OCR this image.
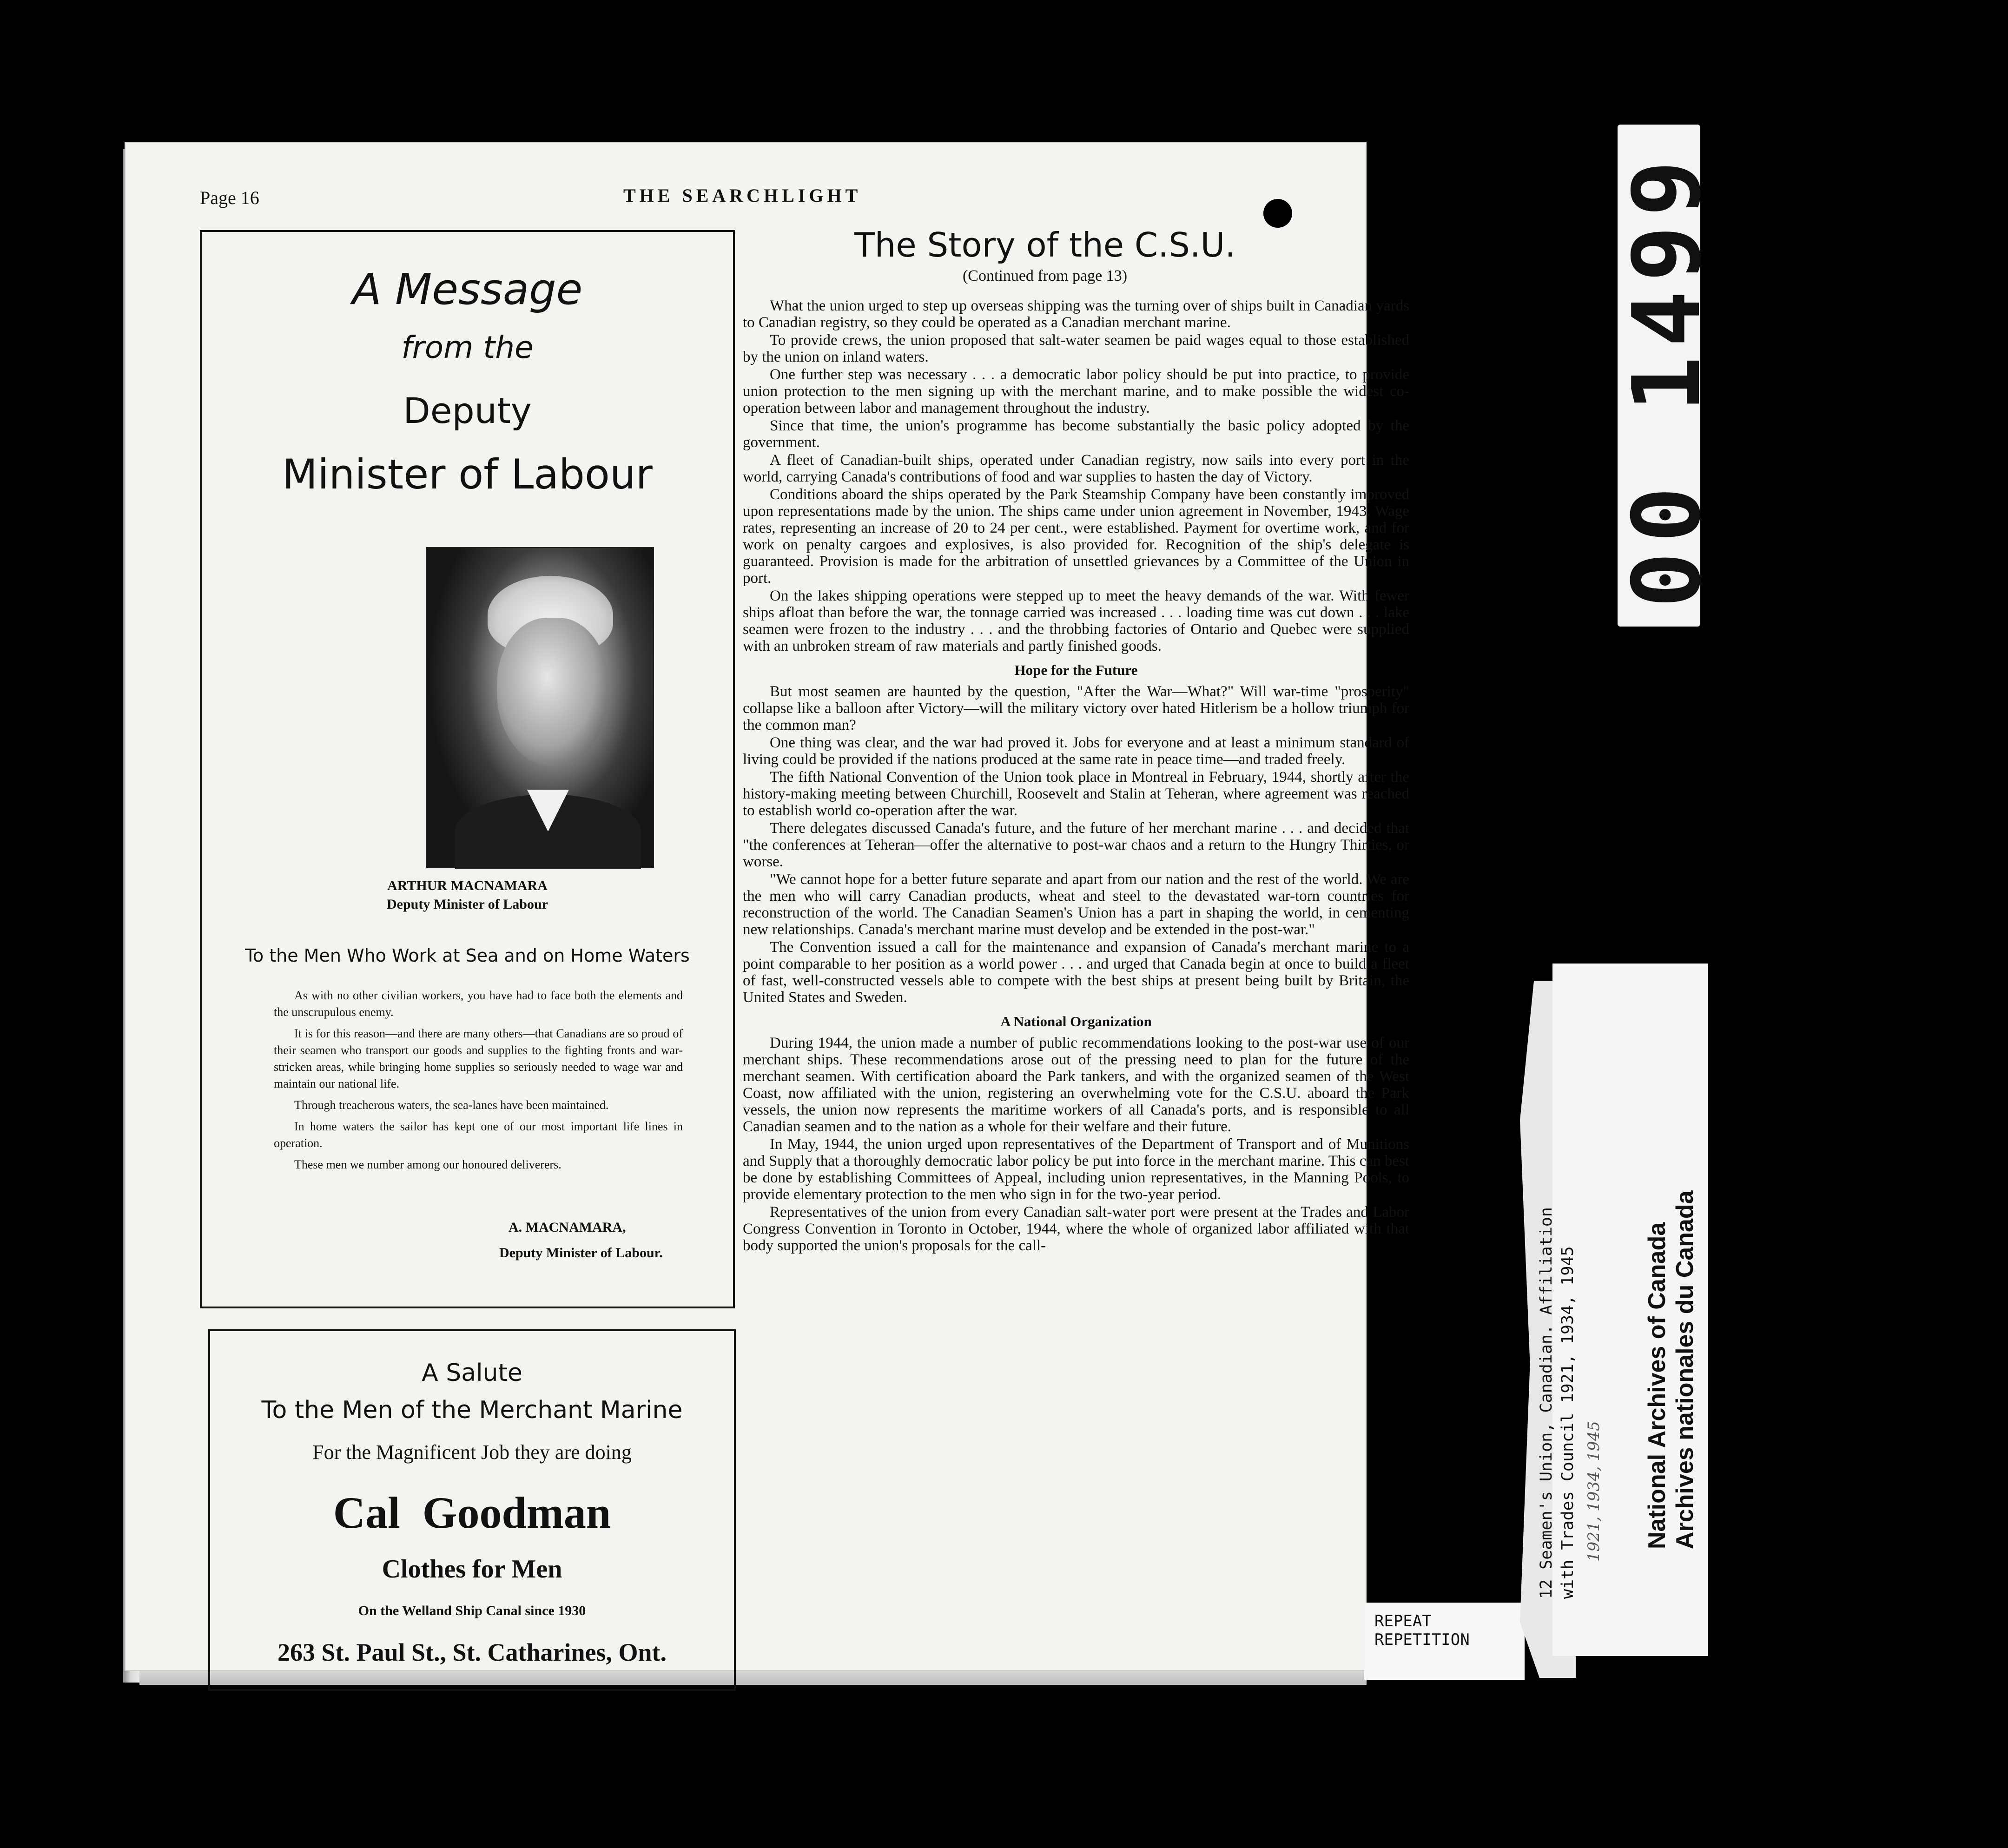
Page 16	THE SEARCHLIGHT
A Message
from the
Deputy
Minister of Labour
ARTHUR MACNAMARA
Deputy Minister of Labour
To the Men Who Work at Sea and on Home Waters

As with no other civilian workers, you have had to face both the elements and the unscrupulous enemy.

It is for this reason—and there are many others—that Canadians are so proud of their seamen who transport our goods and supplies to the fighting fronts and war-stricken areas, while bringing home supplies so seriously needed to wage war and maintain our national life.

Through treacherous waters, the sea-lanes have been maintained.

In home waters the sailor has kept one of our most important life lines in operation.

These men we number among our honoured deliverers.

A. MACNAMARA,
Deputy Minister of Labour.
A Salute
To the Men of the Merchant Marine
For the Magnificent Job they are doing
Cal  Goodman
Clothes for Men
On the Welland Ship Canal since 1930
263 St. Paul St., St. Catharines, Ont.
The Story of the C.S.U.
(Continued from page 13)

What the union urged to step up overseas shipping was the turning over of ships built in Canadian yards to Canadian registry, so they could be operated as a Canadian merchant marine.

To provide crews, the union proposed that salt-water seamen be paid wages equal to those established by the union on inland waters.

One further step was necessary . . . a democratic labor policy should be put into practice, to provide union protection to the men signing up with the merchant marine, and to make possible the widest co-operation between labor and management throughout the industry.

Since that time, the union's programme has become substantially the basic policy adopted by the government.

A fleet of Canadian-built ships, operated under Canadian registry, now sails into every port in the world, carrying Canada's contributions of food and war supplies to hasten the day of Victory.

Conditions aboard the ships operated by the Park Steamship Company have been constantly improved upon representations made by the union. The ships came under union agreement in November, 1943. Wage rates, representing an increase of 20 to 24 per cent., were established. Payment for overtime work, and for work on penalty cargoes and explosives, is also provided for. Recognition of the ship's delegate is guaranteed. Provision is made for the arbitration of unsettled grievances by a Committee of the Union in port.

On the lakes shipping operations were stepped up to meet the heavy demands of the war. With fewer ships afloat than before the war, the tonnage carried was increased . . . loading time was cut down . . . lake seamen were frozen to the industry . . . and the throbbing factories of Ontario and Quebec were supplied with an unbroken stream of raw materials and partly finished goods.

Hope for the Future

But most seamen are haunted by the question, "After the War—What?" Will war-time "prosperity" collapse like a balloon after Victory—will the military victory over hated Hitlerism be a hollow triumph for the common man?

One thing was clear, and the war had proved it. Jobs for everyone and at least a minimum standard of living could be provided if the nations produced at the same rate in peace time—and traded freely.

The fifth National Convention of the Union took place in Montreal in February, 1944, shortly after the history-making meeting between Churchill, Roosevelt and Stalin at Teheran, where agreement was reached to establish world co-operation after the war.

There delegates discussed Canada's future, and the future of her merchant marine . . . and decided that "the conferences at Teheran—offer the alternative to post-war chaos and a return to the Hungry Thirties, or worse.

"We cannot hope for a better future separate and apart from our nation and the rest of the world. We are the men who will carry Canadian products, wheat and steel to the devastated war-torn countries for reconstruction of the world. The Canadian Seamen's Union has a part in shaping the world, in cementing new relationships. Canada's merchant marine must develop and be extended in the post-war."

The Convention issued a call for the maintenance and expansion of Canada's merchant marine to a point comparable to her position as a world power . . . and urged that Canada begin at once to build a fleet of fast, well-constructed vessels able to compete with the best ships at present being built by Britain, the United States and Sweden.

A National Organization

During 1944, the union made a number of public recommendations looking to the post-war use of our merchant ships. These recommendations arose out of the pressing need to plan for the future of the merchant seamen. With certification aboard the Park tankers, and with the organized seamen of the West Coast, now affiliated with the union, registering an overwhelming vote for the C.S.U. aboard the Park vessels, the union now represents the maritime workers of all Canada's ports, and is responsible to all Canadian seamen and to the nation as a whole for their welfare and their future.

In May, 1944, the union urged upon representatives of the Department of Transport and of Munitions and Supply that a thoroughly democratic labor policy be put into force in the merchant marine. This can best be done by establishing Committees of Appeal, including union representatives, in the Manning Pools, to provide elementary protection to the men who sign in for the two-year period.

Representatives of the union from every Canadian salt-water port were present at the Trades and Labor Congress Convention in Toronto in October, 1944, where the whole of organized labor affiliated with that body supported the union's proposals for the call-

REPEAT
REPETITION
National Archives of Canada Archives nationales du Canada
12 Seamen's Union, Canadian. Affiliation with Trades Council 1921, 1934, 1945 1921, 1934, 1945
00 1499
